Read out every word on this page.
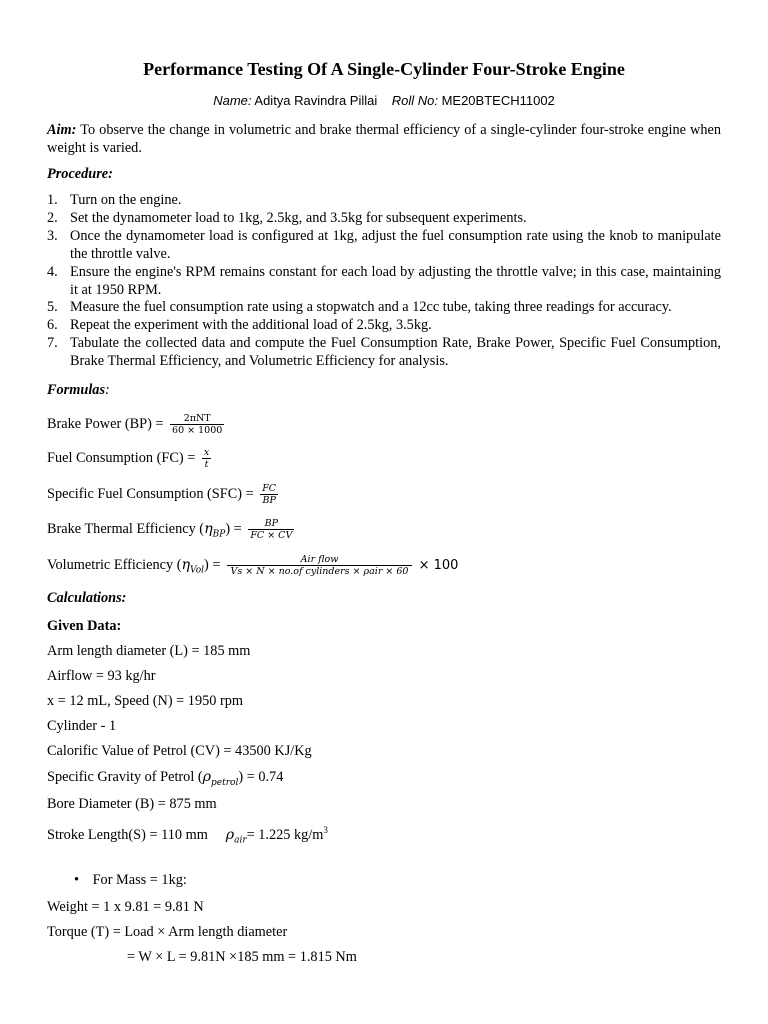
Performance Testing Of A Single-Cylinder Four-Stroke Engine
Name: Aditya Ravindra Pillai Roll No: ME20BTECH11002
Aim: To observe the change in volumetric and brake thermal efficiency of a single-cylinder four-stroke engine when weight is varied.
Procedure:
1. Turn on the engine.
2. Set the dynamometer load to 1kg, 2.5kg, and 3.5kg for subsequent experiments.
3. Once the dynamometer load is configured at 1kg, adjust the fuel consumption rate using the knob to manipulate the throttle valve.
4. Ensure the engine's RPM remains constant for each load by adjusting the throttle valve; in this case, maintaining it at 1950 RPM.
5. Measure the fuel consumption rate using a stopwatch and a 12cc tube, taking three readings for accuracy.
6. Repeat the experiment with the additional load of 2.5kg, 3.5kg.
7. Tabulate the collected data and compute the Fuel Consumption Rate, Brake Power, Specific Fuel Consumption, Brake Thermal Efficiency, and Volumetric Efficiency for analysis.
Formulas:
Brake Power $(BP) = \frac{\text{2πNT}}{60 \times 1000}$
Fuel Consumption $(FC) = \frac{x}{t}$
Specific Fuel Consumption $(SFC) = \frac{FC}{BP}$
Brake Thermal Efficiency $(\eta_{BP}) = \frac{BP}{FC \times CV}$
Volumetric Efficiency $(\eta_{Vol}) = \frac{\text{Air flow}}{\text{Vs × N × no.of cylinders × ρair × 60}} \times 100$
Calculations:
Given Data:
Arm length diameter (L) = 185 mm
Airflow = 93 kg/hr
x = 12 mL, Speed (N) = 1950 rpm
Cylinder - 1
Calorific Value of Petrol (CV) = 43500 KJ/Kg
Specific Gravity of Petrol $(\rho_{petrol}) = 0.74$
Bore Diameter (B) = 875 mm
Stroke Length(S) = 110 mm $\rho_{air}= 1.225$ $kg/m^3$
• For Mass = 1kg:
Weight = 1 x 9.81 = 9.81 N
Torque (T) = Load × Arm length diameter
= W × L = 9.81N ×185 mm = 1.815 Nm
